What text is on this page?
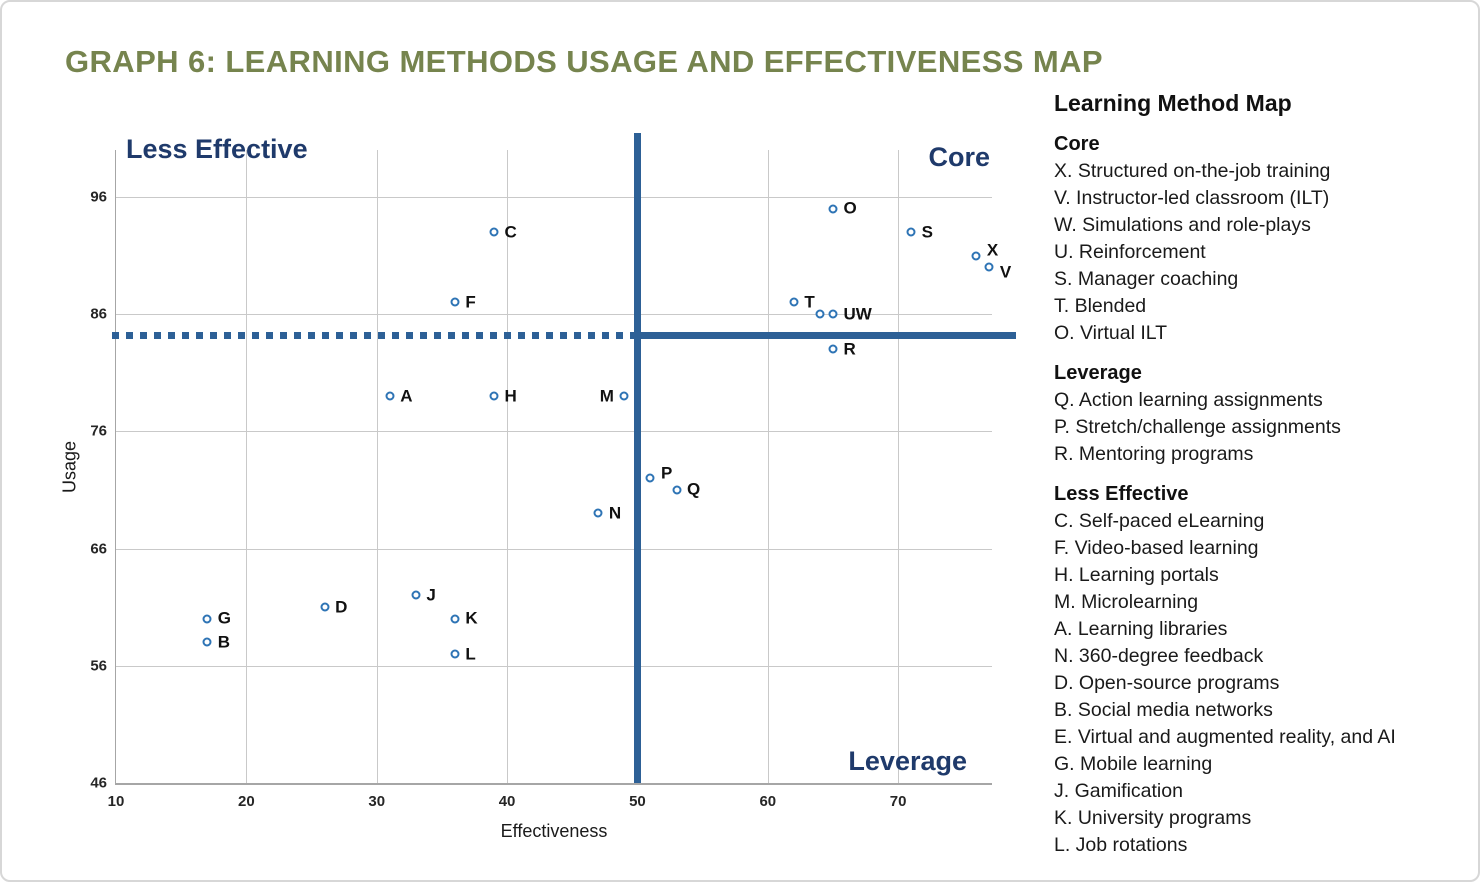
GRAPH 6: LEARNING METHODS USAGE AND EFFECTIVENESS MAP
Usage
Effectiveness
Less Effective	Core
Leverage
10	20	30	40	50	60	70
46
56
66
76
86
96
O
S
X
V
C
F	T
UW
R
A	H	M
P
Q
N
J
D
G	K
B
L
Learning Method Map
Core
X. Structured on-the-job training
V. Instructor-led classroom (ILT)
W. Simulations and role-plays
U. Reinforcement
S. Manager coaching
T. Blended
O. Virtual ILT
Leverage
Q. Action learning assignments
P. Stretch/challenge assignments
R. Mentoring programs
Less Effective
C. Self-paced eLearning
F. Video-based learning
H. Learning portals
M. Microlearning
A. Learning libraries
N. 360-degree feedback
D. Open-source programs
B. Social media networks
E. Virtual and augmented reality, and AI
G. Mobile learning
J. Gamification
K. University programs
L. Job rotations
